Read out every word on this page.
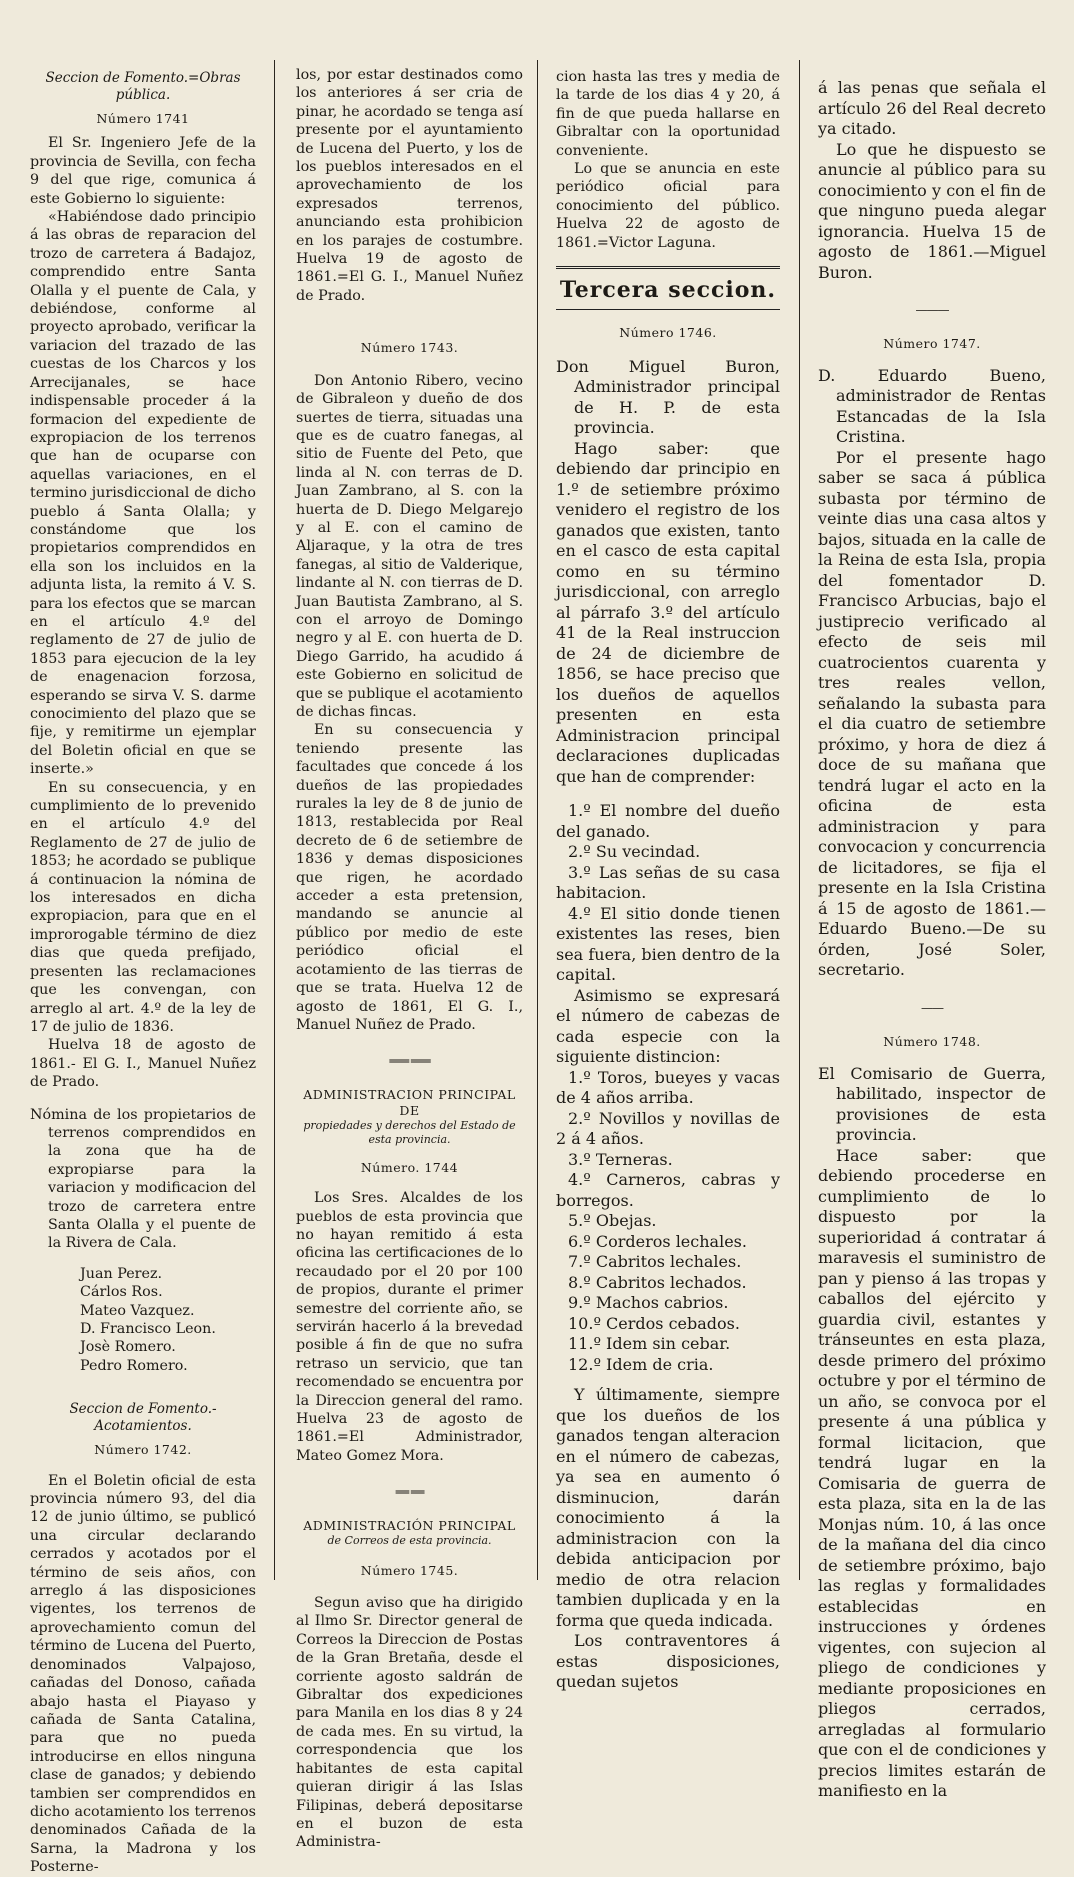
Seccion de Fomento.=Obras pública.

Número 1741

El Sr. Ingeniero Jefe de la provincia de Sevilla, con fecha 9 del que rige, comunica á este Gobierno lo siguiente:

«Habiéndose dado principio á las obras de reparacion del trozo de carretera á Badajoz, comprendido entre Santa Olalla y el puente de Cala, y debiéndose, conforme al proyecto aprobado, verificar la variacion del trazado de las cuestas de los Charcos y los Arrecijanales, se hace indispensable proceder á la formacion del expediente de expropiacion de los terrenos que han de ocuparse con aquellas variaciones, en el termino jurisdiccional de dicho pueblo á Santa Olalla; y constándome que los propietarios comprendidos en ella son los incluidos en la adjunta lista, la remito á V. S. para los efectos que se marcan en el artículo 4.º del reglamento de 27 de julio de 1853 para ejecucion de la ley de enagenacion forzosa, esperando se sirva V. S. darme conocimiento del plazo que se fije, y remitirme un ejemplar del Boletin oficial en que se inserte.»

En su consecuencia, y en cumplimiento de lo prevenido en el artículo 4.º del Reglamento de 27 de julio de 1853; he acordado se publique á continuacion la nómina de los interesados en dicha expropiacion, para que en el improrogable término de diez dias que queda prefijado, presenten las reclamaciones que les convengan, con arreglo al art. 4.º de la ley de 17 de julio de 1836.

Huelva 18 de agosto de 1861.- El G. I., Manuel Nuñez de Prado.

Nómina de los propietarios de terrenos comprendidos en la zona que ha de expropiarse para la variacion y modificacion del trozo de carretera entre Santa Olalla y el puente de la Rivera de Cala.

Juan Perez.
Cárlos Ros.
Mateo Vazquez.
D. Francisco Leon.
Josè Romero.
Pedro Romero.

Seccion de Fomento.-Acotamientos.

Número 1742.

En el Boletin oficial de esta provincia número 93, del dia 12 de junio último, se publicó una circular declarando cerrados y acotados por el término de seis años, con arreglo á las disposiciones vigentes, los terrenos de aprovechamiento comun del término de Lucena del Puerto, denominados Valpajoso, cañadas del Donoso, cañada abajo hasta el Piayaso y cañada de Santa Catalina, para que no pueda introducirse en ellos ninguna clase de ganados; y debiendo tambien ser comprendidos en dicho acotamiento los terrenos denominados Cañada de la Sarna, la Madrona y los Posterne-

los, por estar destinados como los anteriores á ser cria de pinar, he acordado se tenga así presente por el ayuntamiento de Lucena del Puerto, y los de los pueblos interesados en el aprovechamiento de los expresados terrenos, anunciando esta prohibicion en los parajes de costumbre. Huelva 19 de agosto de 1861.=El G. I., Manuel Nuñez de Prado.

Número 1743.

Don Antonio Ribero, vecino de Gibraleon y dueño de dos suertes de tierra, situadas una que es de cuatro fanegas, al sitio de Fuente del Peto, que linda al N. con terras de D. Juan Zambrano, al S. con la huerta de D. Diego Melgarejo y al E. con el camino de Aljaraque, y la otra de tres fanegas, al sitio de Valderique, lindante al N. con tierras de D. Juan Bautista Zambrano, al S. con el arroyo de Domingo negro y al E. con huerta de D. Diego Garrido, ha acudido á este Gobierno en solicitud de que se publique el acotamiento de dichas fincas.

En su consecuencia y teniendo presente las facultades que concede á los dueños de las propiedades rurales la ley de 8 de junio de 1813, restablecida por Real decreto de 6 de setiembre de 1836 y demas disposiciones que rigen, he acordado acceder a esta pretension, mandando se anuncie al público por medio de este periódico oficial el acotamiento de las tierras de que se trata. Huelva 12 de agosto de 1861, El G. I., Manuel Nuñez de Prado.

═══ ═══

ADMINISTRACION PRINCIPAL DE

propiedades y derechos del Estado de esta provincia.

Número. 1744

Los Sres. Alcaldes de los pueblos de esta provincia que no hayan remitido á esta oficina las certificaciones de lo recaudado por el 20 por 100 de propios, durante el primer semestre del corriente año, se servirán hacerlo á la brevedad posible á fin de que no sufra retraso un servicio, que tan recomendado se encuentra por la Direccion general del ramo. Huelva 23 de agosto de 1861.=El Administrador, Mateo Gomez Mora.

══ ══

ADMINISTRACIÓN PRINCIPAL

de Correos de esta provincia.

Número 1745.

Segun aviso que ha dirigido al Ilmo Sr. Director general de Correos la Direccion de Postas de la Gran Bretaña, desde el corriente agosto saldrán de Gibraltar dos expediciones para Manila en los dias 8 y 24 de cada mes. En su virtud, la correspondencia que los habitantes de esta capital quieran dirigir á las Islas Filipinas, deberá depositarse en el buzon de esta Administra-

cion hasta las tres y media de la tarde de los dias 4 y 20, á fin de que pueda hallarse en Gibraltar con la oportunidad conveniente.

Lo que se anuncia en este periódico oficial para conocimiento del público. Huelva 22 de agosto de 1861.=Victor Laguna.

Tercera seccion.

Número 1746.

Don Miguel Buron, Administrador principal de H. P. de esta provincia.

Hago saber: que debiendo dar principio en 1.º de setiembre próximo venidero el registro de los ganados que existen, tanto en el casco de esta capital como en su término jurisdiccional, con arreglo al párrafo 3.º del artículo 41 de la Real instruccion de 24 de diciembre de 1856, se hace preciso que los dueños de aquellos presenten en esta Administracion principal declaraciones duplicadas que han de comprender:

1.º El nombre del dueño del ganado.

2.º Su vecindad.

3.º Las señas de su casa habitacion.

4.º El sitio donde tienen existentes las reses, bien sea fuera, bien dentro de la capital.

Asimismo se expresará el número de cabezas de cada especie con la siguiente distincion:

1.º Toros, bueyes y vacas de 4 años arriba.

2.º Novillos y novillas de 2 á 4 años.

3.º Terneras.

4.º Carneros, cabras y borregos.

5.º Obejas.

6.º Corderos lechales.

7.º Cabritos lechales.

8.º Cabritos lechados.

9.º Machos cabrios.

10.º Cerdos cebados.

11.º Idem sin cebar.

12.º Idem de cria.

Y últimamente, siempre que los dueños de los ganados tengan alteracion en el número de cabezas, ya sea en aumento ó disminucion, darán conocimiento á la administracion con la debida anticipacion por medio de otra relacion tambien duplicada y en la forma que queda indicada.

Los contraventores á estas disposiciones, quedan sujetos

á las penas que señala el artículo 26 del Real decreto ya citado.

Lo que he dispuesto se anuncie al público para su conocimiento y con el fin de que ninguno pueda alegar ignorancia. Huelva 15 de agosto de 1861.—Miguel Buron.

———

Número 1747.

D. Eduardo Bueno, administrador de Rentas Estancadas de la Isla Cristina.

Por el presente hago saber se saca á pública subasta por término de veinte dias una casa altos y bajos, situada en la calle de la Reina de esta Isla, propia del fomentador D. Francisco Arbucias, bajo el justiprecio verificado al efecto de seis mil cuatrocientos cuarenta y tres reales vellon, señalando la subasta para el dia cuatro de setiembre próximo, y hora de diez á doce de su mañana que tendrá lugar el acto en la oficina de esta administracion y para convocacion y concurrencia de licitadores, se fija el presente en la Isla Cristina á 15 de agosto de 1861.—Eduardo Bueno.—De su órden, José Soler, secretario.

——

Número 1748.

El Comisario de Guerra, habilitado, inspector de provisiones de esta provincia.

Hace saber: que debiendo procederse en cumplimiento de lo dispuesto por la superioridad á contratar á maravesis el suministro de pan y pienso á las tropas y caballos del ejército y guardia civil, estantes y tránseuntes en esta plaza, desde primero del próximo octubre y por el término de un año, se convoca por el presente á una pública y formal licitacion, que tendrá lugar en la Comisaria de guerra de esta plaza, sita en la de las Monjas núm. 10, á las once de la mañana del dia cinco de setiembre próximo, bajo las reglas y formalidades establecidas en instrucciones y órdenes vigentes, con sujecion al pliego de condiciones y mediante proposiciones en pliegos cerrados, arregladas al formulario que con el de condiciones y precios limites estarán de manifiesto en la
